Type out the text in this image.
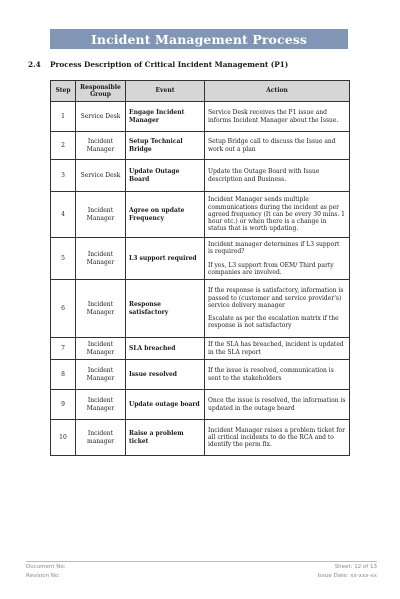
Incident Management Process
2.4 Process Description of Critical Incident Management (P1)
Step	Responsible Group	Event	Action
1	Service Desk	Engage Incident Manager	Service Desk receives the P1 issue and informs Incident Manager about the Issue.

2	Incident Manager	Setup Technical Bridge	Setup Bridge call to discuss the Issue and work out a plan

3	Service Desk	Update Outage Board	Update the Outage Board with Issue description and Business.

4	Incident Manager	Agree on update Frequency	Incident Manager sends multiple communications during the incident as per agreed frequency (It can be every 30 mins. 1 hour etc.) or when there is a change in status that is worth updating.

5	Incident Manager	L3 support required	Incident manager determines if L3 support is required?
If yes, L3 support from OEM/ Third party companies are involved.

6	Incident Manager	Response satisfactory	If the response is satisfactory, information is passed to (customer and service provider's) service delivery manager
Escalate as per the escalation matrix if the response is not satisfactory

7	Incident Manager	SLA breached	If the SLA has breached, incident is updated in the SLA report

8	Incident Manager	Issue resolved	If the issue is resolved, communication is sent to the stakeholders

9	Incident Manager	Update outage board	Once the issue is resolved, the information is updated in the outage board

10	Incident manager	Raise a problem ticket	Incident Manager raises a problem ticket for all critical incidents to do the RCA and to identify the perm fix.
Document No:	Sheet: 12 of 13
Revision No:	Issue Date: xx-xxx-xx
